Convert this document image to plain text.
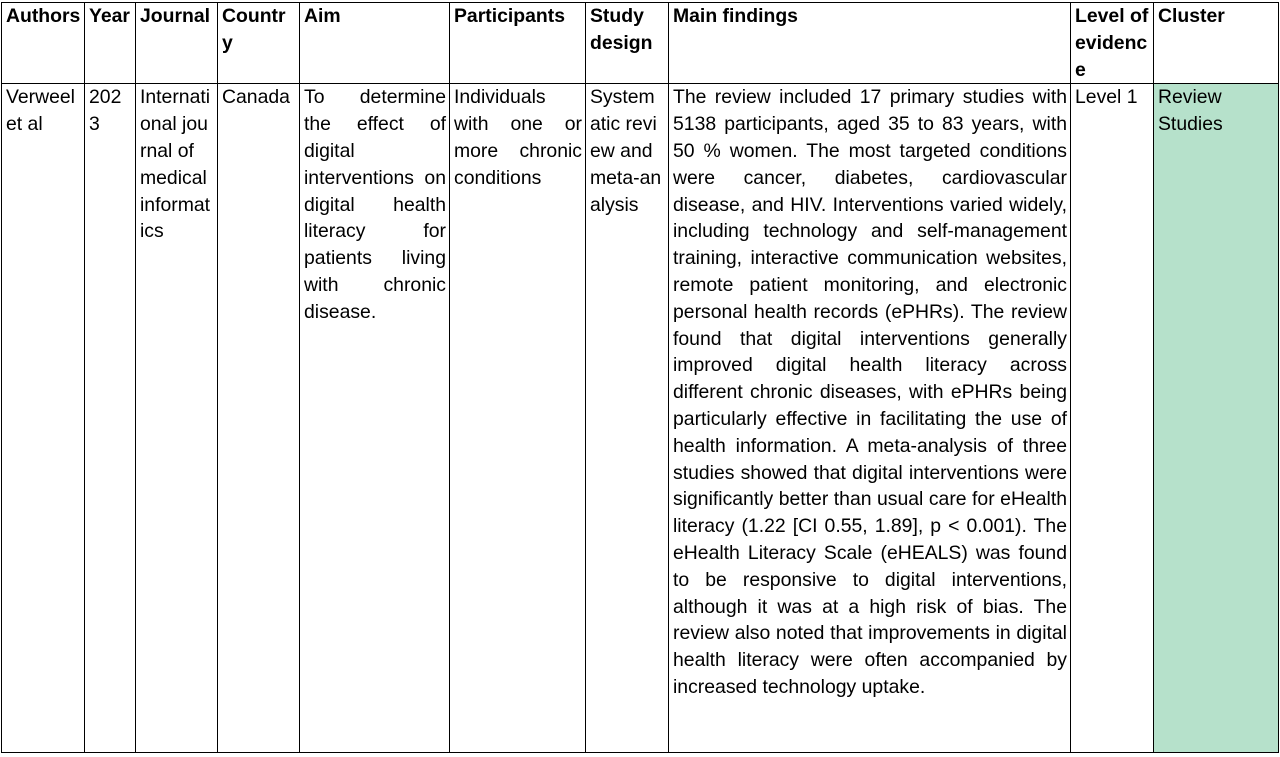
Authors	Year	Journal	Country	Aim	Participants	Study design	Main findings	Level of evidence	Cluster
Verweel et al	2023	International journal of medical informatics	Canada	To determine the effect of digital interventions on digital health literacy for patients living with chronic disease.	Individuals with one or more chronic conditions	Systematic review and meta-analysis	The review included 17 primary studies with 5138 participants, aged 35 to 83 years, with 50 % women. The most targeted conditions were cancer, diabetes, cardiovascular disease, and HIV. Interventions varied widely, including technology and self-management training, interactive communication websites, remote patient monitoring, and electronic personal health records (ePHRs). The review found that digital interventions generally improved digital health literacy across different chronic diseases, with ePHRs being particularly effective in facilitating the use of health information. A meta-analysis of three studies showed that digital interventions were significantly better than usual care for eHealth literacy (1.22 [CI 0.55, 1.89], p < 0.001). The eHealth Literacy Scale (eHEALS) was found to be responsive to digital interventions, although it was at a high risk of bias. The review also noted that improvements in digital health literacy were often accompanied by increased technology uptake.	Level 1	Review Studies
